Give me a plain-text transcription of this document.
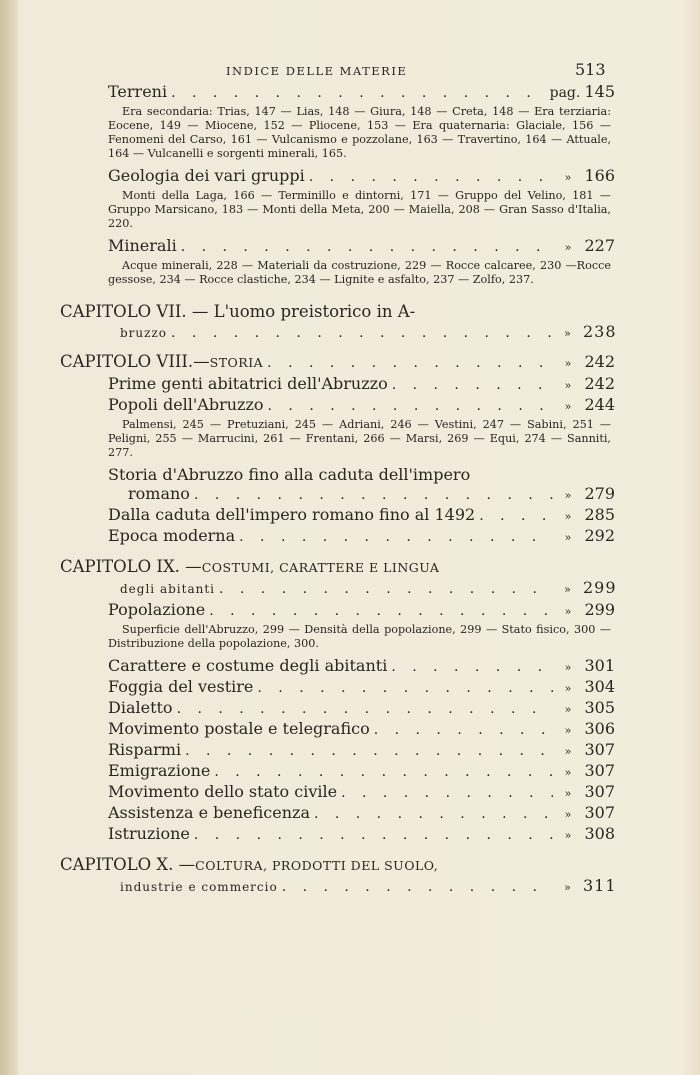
INDICE DELLE MATERIE	513
Terreni . . .	pag. 145
Era secondaria: Trias, 147 — Lias, 148 — Giura, 148 — Creta, 148 — Era terziaria: Eocene, 149 — Miocene, 152 — Pliocene, 153 — Era quaternaria: Glaciale, 156 — Fenomeni del Carso, 161 — Vulcanismo e pozzolane, 163 — Travertino, 164 — Attuale, 164 — Vulcanelli e sorgenti minerali, 165.
Geologia dei vari gruppi . . .	» 166
Monti della Laga, 166 — Terminillo e dintorni, 171 — Gruppo del Velino, 181 — Gruppo Marsicano, 183 — Monti della Meta, 200 — Maiella, 208 — Gran Sasso d'Italia, 220.
Minerali . . .	» 227
Acque minerali, 228 — Materiali da costruzione, 229 — Rocce calcaree, 230 —Rocce gessose, 234 — Rocce clastiche, 234 — Lignite e asfalto, 237 — Zolfo, 237.
CAPITOLO VII. — L'uomo preistorico in A-
bruzzo . . .	» 238
CAPITOLO VIII.— STORIA . . .	» 242
Prime genti abitatrici dell'Abruzzo . . .	» 242
Popoli dell'Abruzzo . . .	» 244
Palmensi, 245 — Pretuziani, 245 — Adriani, 246 — Vestini, 247 — Sabini, 251 — Peligni, 255 — Marrucini, 261 — Frentani, 266 — Marsi, 269 — Equi, 274 — Sanniti, 277.
Storia d'Abruzzo fino alla caduta dell'impero
romano . . .	» 279
Dalla caduta dell'impero romano fino al 1492 . . .	» 285
Epoca moderna . . .	» 292
CAPITOLO IX. — COSTUMI, CARATTERE E LINGUA
degli abitanti . . .	» 299
Popolazione . . .	» 299
Superficie dell'Abruzzo, 299 — Densità della popolazione, 299 — Stato fisico, 300 — Distribuzione della popolazione, 300.
Carattere e costume degli abitanti . . .	» 301
Foggia del vestire . . .	» 304
Dialetto . . .	» 305
Movimento postale e telegrafico . . .	» 306
Risparmi . . .	» 307
Emigrazione . . .	» 307
Movimento dello stato civile . . .	» 307
Assistenza e beneficenza . . .	» 307
Istruzione . . .	» 308
CAPITOLO X. — COLTURA, PRODOTTI DEL SUOLO,
industrie e commercio . . .	» 311
